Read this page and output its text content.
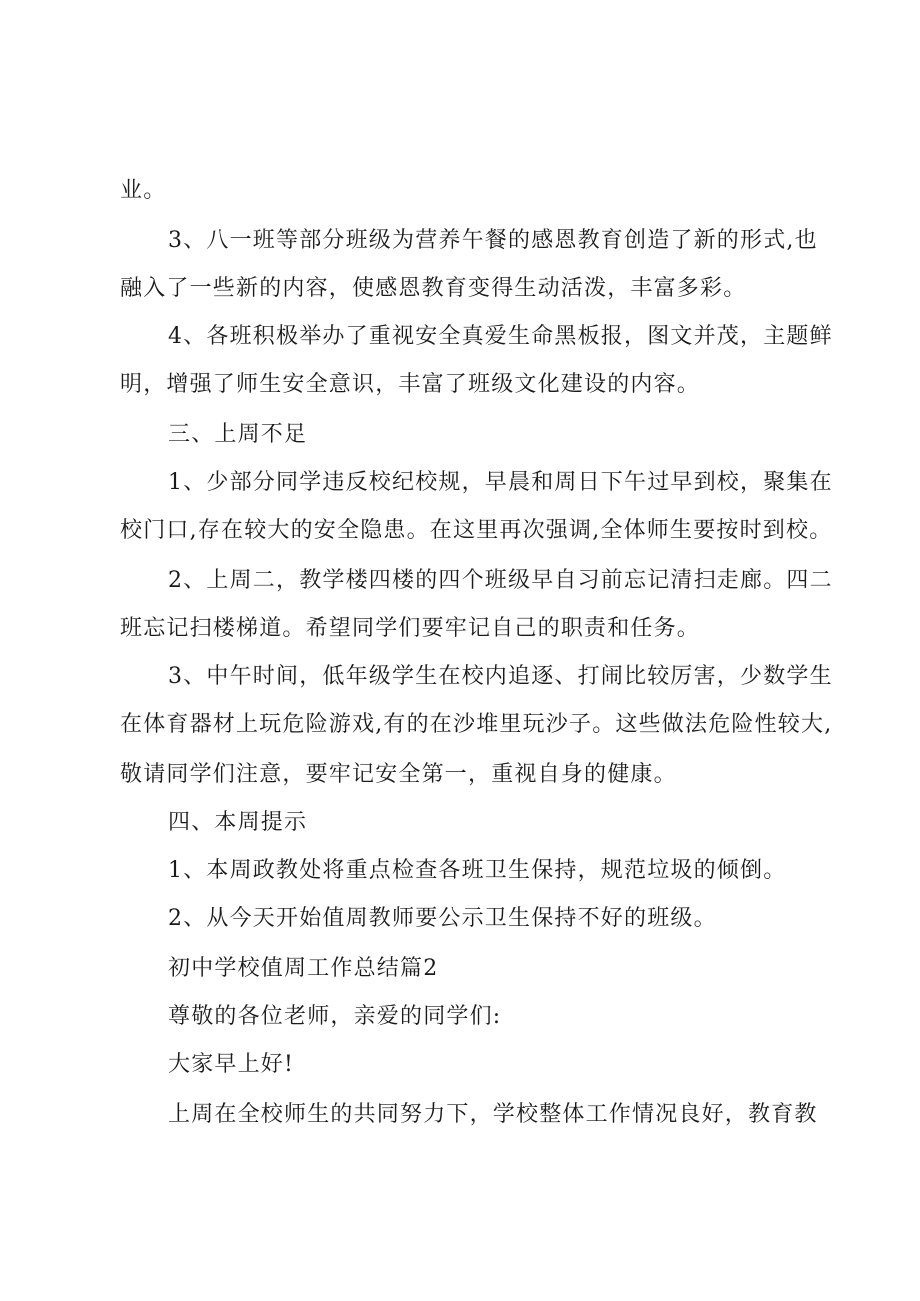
业。
3、八一班等部分班级为营养午餐的感恩教育创造了新的形式,也
融入了一些新的内容，使感恩教育变得生动活泼，丰富多彩。
4、各班积极举办了重视安全真爱生命黑板报，图文并茂，主题鲜
明，增强了师生安全意识，丰富了班级文化建设的内容。
三、上周不足
1、少部分同学违反校纪校规，早晨和周日下午过早到校，聚集在
校门口,存在较大的安全隐患。在这里再次强调,全体师生要按时到校。
2、上周二，教学楼四楼的四个班级早自习前忘记清扫走廊。四二
班忘记扫楼梯道。希望同学们要牢记自己的职责和任务。
3、中午时间，低年级学生在校内追逐、打闹比较厉害，少数学生
在体育器材上玩危险游戏,有的在沙堆里玩沙子。这些做法危险性较大,
敬请同学们注意，要牢记安全第一，重视自身的健康。
四、本周提示
1、本周政教处将重点检查各班卫生保持，规范垃圾的倾倒。
2、从今天开始值周教师要公示卫生保持不好的班级。
初中学校值周工作总结篇2
尊敬的各位老师，亲爱的同学们:
大家早上好!
上周在全校师生的共同努力下，学校整体工作情况良好，教育教
